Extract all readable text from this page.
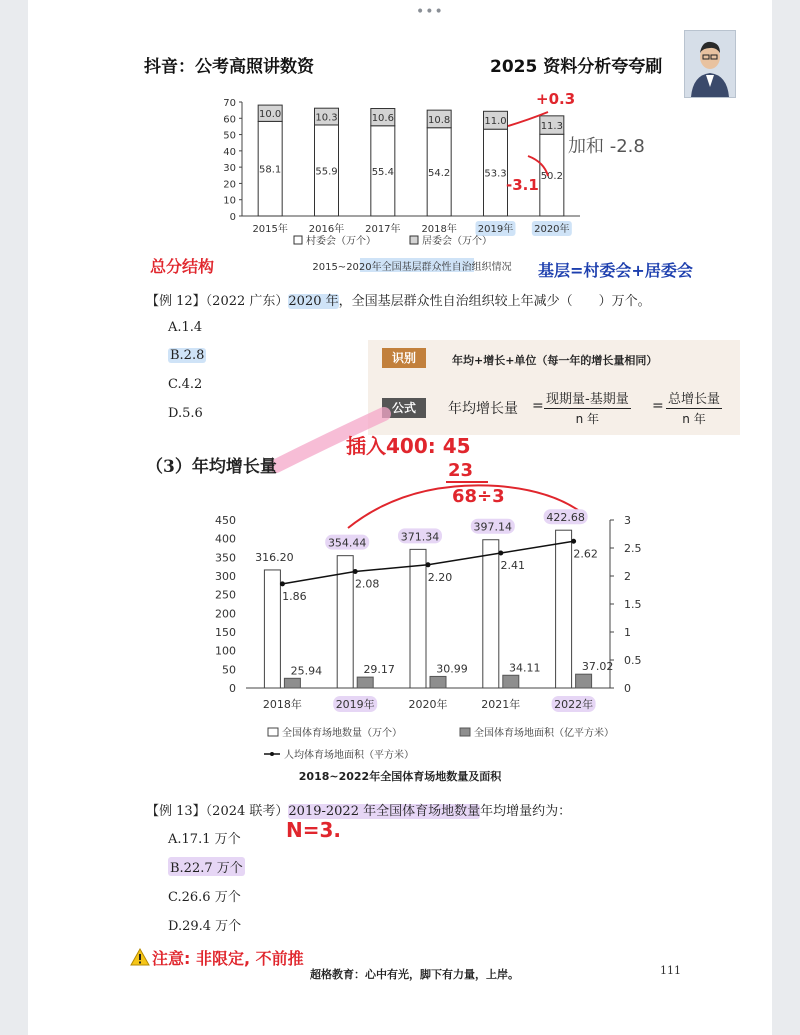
•••
抖音：公考高照讲数资	2025 资料分析夸夸刷
0
10
20
30
40
50
60
70
58.1
10.0
2015年
55.9
10.3
2016年
55.4
10.6
2017年
54.2
10.8
2018年
53.3
11.0
2019年
50.2
11.3
2020年
村委会（万个）	居委会（万个）
2015~2020年全国基层群众性自治组织情况
+0.3
-3.1
加和 -2.8
总分结构	基层=村委会+居委会
【例 12】（2022 广东）2020 年，全国基层群众性自治组织较上年减少（　　）万个。
A.1.4
B.2.8
C.4.2
D.5.6
识别	年均+增长+单位（每一年的增长量相同）
公式	年均增长量 = 现期量-基期量
n 年
= 总增长量
n 年
（3）年均增长量
插入400: 45
23
68÷3
0
50
100
150
200
250
300
350
400
450
0
0.5
1
1.5
2
2.5
3
316.20
25.94
2018年
354.44
29.17
2019年
371.34
30.99
2020年
397.14
34.11
2021年
422.68
37.02
2022年
1.86
2.08
2.20
2.41
2.62
全国体育场地数量（万个）	全国体育场地面积（亿平方米）
人均体育场地面积（平方米）
2018~2022年全国体育场地数量及面积
【例 13】（2024 联考）2019-2022 年全国体育场地数量年均增量约为：
N=3.
A.17.1 万个
B.22.7 万个
C.26.6 万个
D.29.4 万个
注意: 非限定, 不前推
超格教育：心中有光，脚下有力量，上岸。	111
